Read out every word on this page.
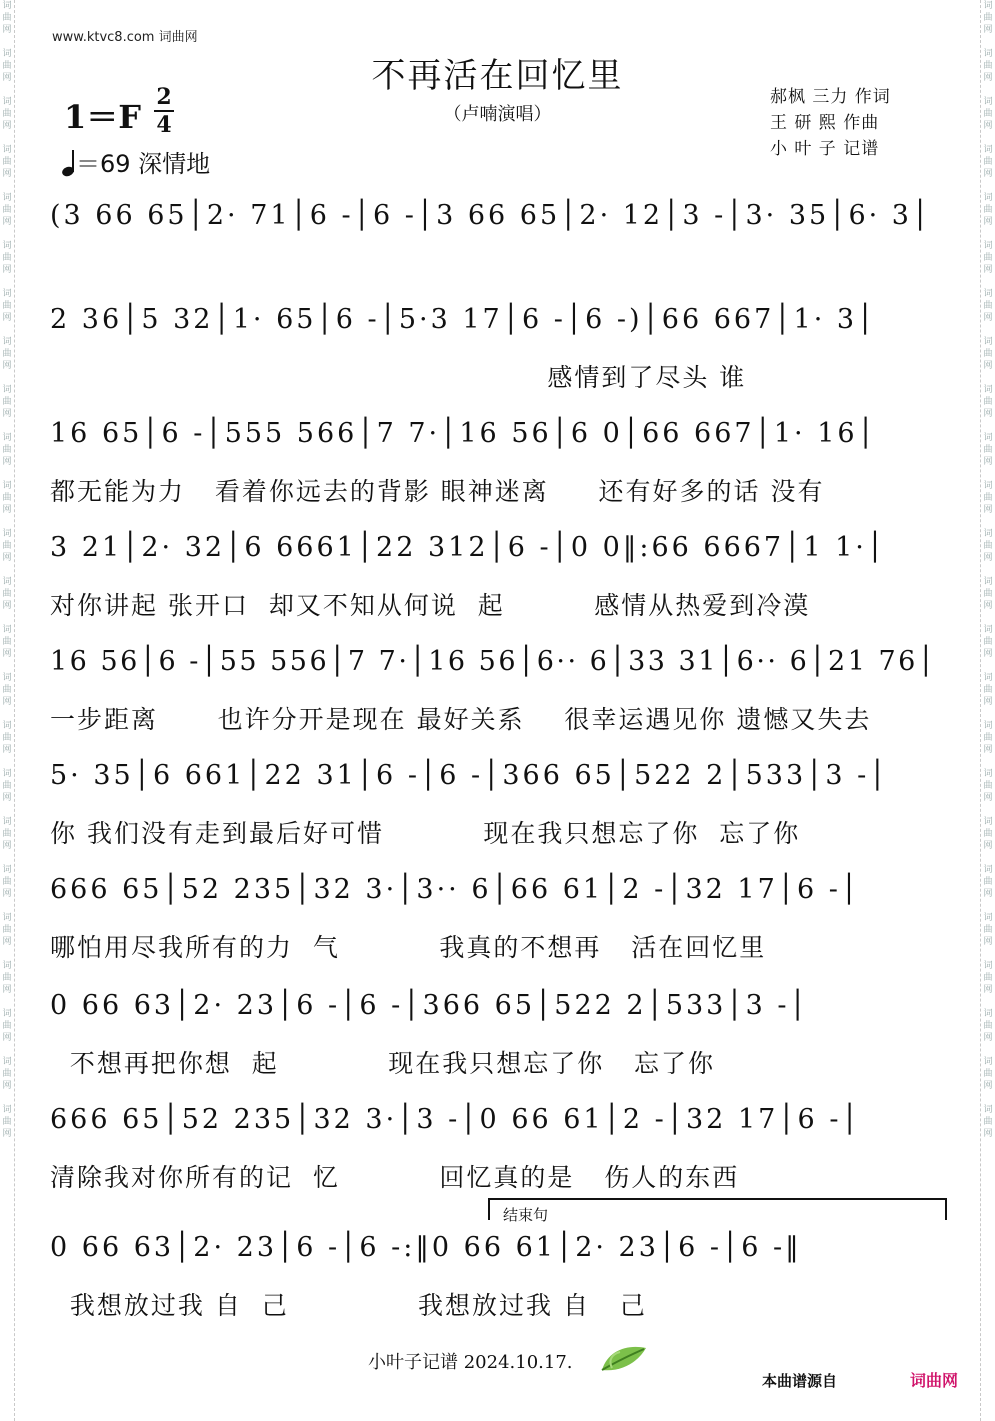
词
曲
网

词
曲
网

词
曲
网

词
曲
网

词
曲
网

词
曲
网

词
曲
网

词
曲
网

词
曲
网

词
曲
网

词
曲
网

词
曲
网

词
曲
网

词
曲
网

词
曲
网

词
曲
网

词
曲
网

词
曲
网

词
曲
网

词
曲
网

词
曲
网

词
曲
网

词
曲
网

词
曲
网

词
曲
网

词
曲
网

词
曲
网

词
曲
网

词
曲
网

词
曲
网

词
曲
网

词
曲
网

词
曲
网

词
曲
网

词
曲
网

词
曲
网

词
曲
网

词
曲
网

词
曲
网

词
曲
网

词
曲
网

词
曲
网

词
曲
网

词
曲
网

词
曲
网

词
曲
网

词
曲
网

词
曲
网

www.ktvc8.com 词曲网
不再活在回忆里
（卢喃演唱）
1＝F
2
4
＝69 深情地
郝枫 三力 作词
王 研 熙 作曲
小 叶 子 记谱
(3 66 65│2· 71│6 -│6 -│3 66 65│2· 12│3 -│3· 35│6· 3│
2 36│5 32│1· 65│6 -│5·3 17│6 -│6 -)│66 667│1· 3│
感情到了尽头 谁
16 65│6 -│555 566│7 7·│16 56│6 0│66 667│1· 16│
都无能为力   看着你远去的背影 眼神迷离     还有好多的话 没有
3 21│2· 32│6 6661│22 312│6 -│0 0‖:66 6667│1 1·│
对你讲起 张开口  却又不知从何说  起         感情从热爱到冷漠
16 56│6 -│55 556│7 7·│16 56│6·· 6│33 31│6·· 6│21 76│
一步距离      也许分开是现在 最好关系    很幸运遇见你 遗憾又失去
5· 35│6 661│22 31│6 -│6 -│366 65│522 2│533│3 -│
你 我们没有走到最后好可惜          现在我只想忘了你  忘了你
666 65│52 235│32 3·│3·· 6│66 61│2 -│32 17│6 -│
哪怕用尽我所有的力  气          我真的不想再   活在回忆里
0 66 63│2· 23│6 -│6 -│366 65│522 2│533│3 -│
不想再把你想  起           现在我只想忘了你   忘了你
666 65│52 235│32 3·│3 -│0 66 61│2 -│32 17│6 -│
清除我对你所有的记  忆          回忆真的是   伤人的东西
0 66 63│2· 23│6 -│6 -:‖0 66 61│2· 23│6 -│6 -‖
我想放过我 自  己             我想放过我 自   己
结束句
小叶子记谱 2024.10.17.
本曲谱源自	词曲网
